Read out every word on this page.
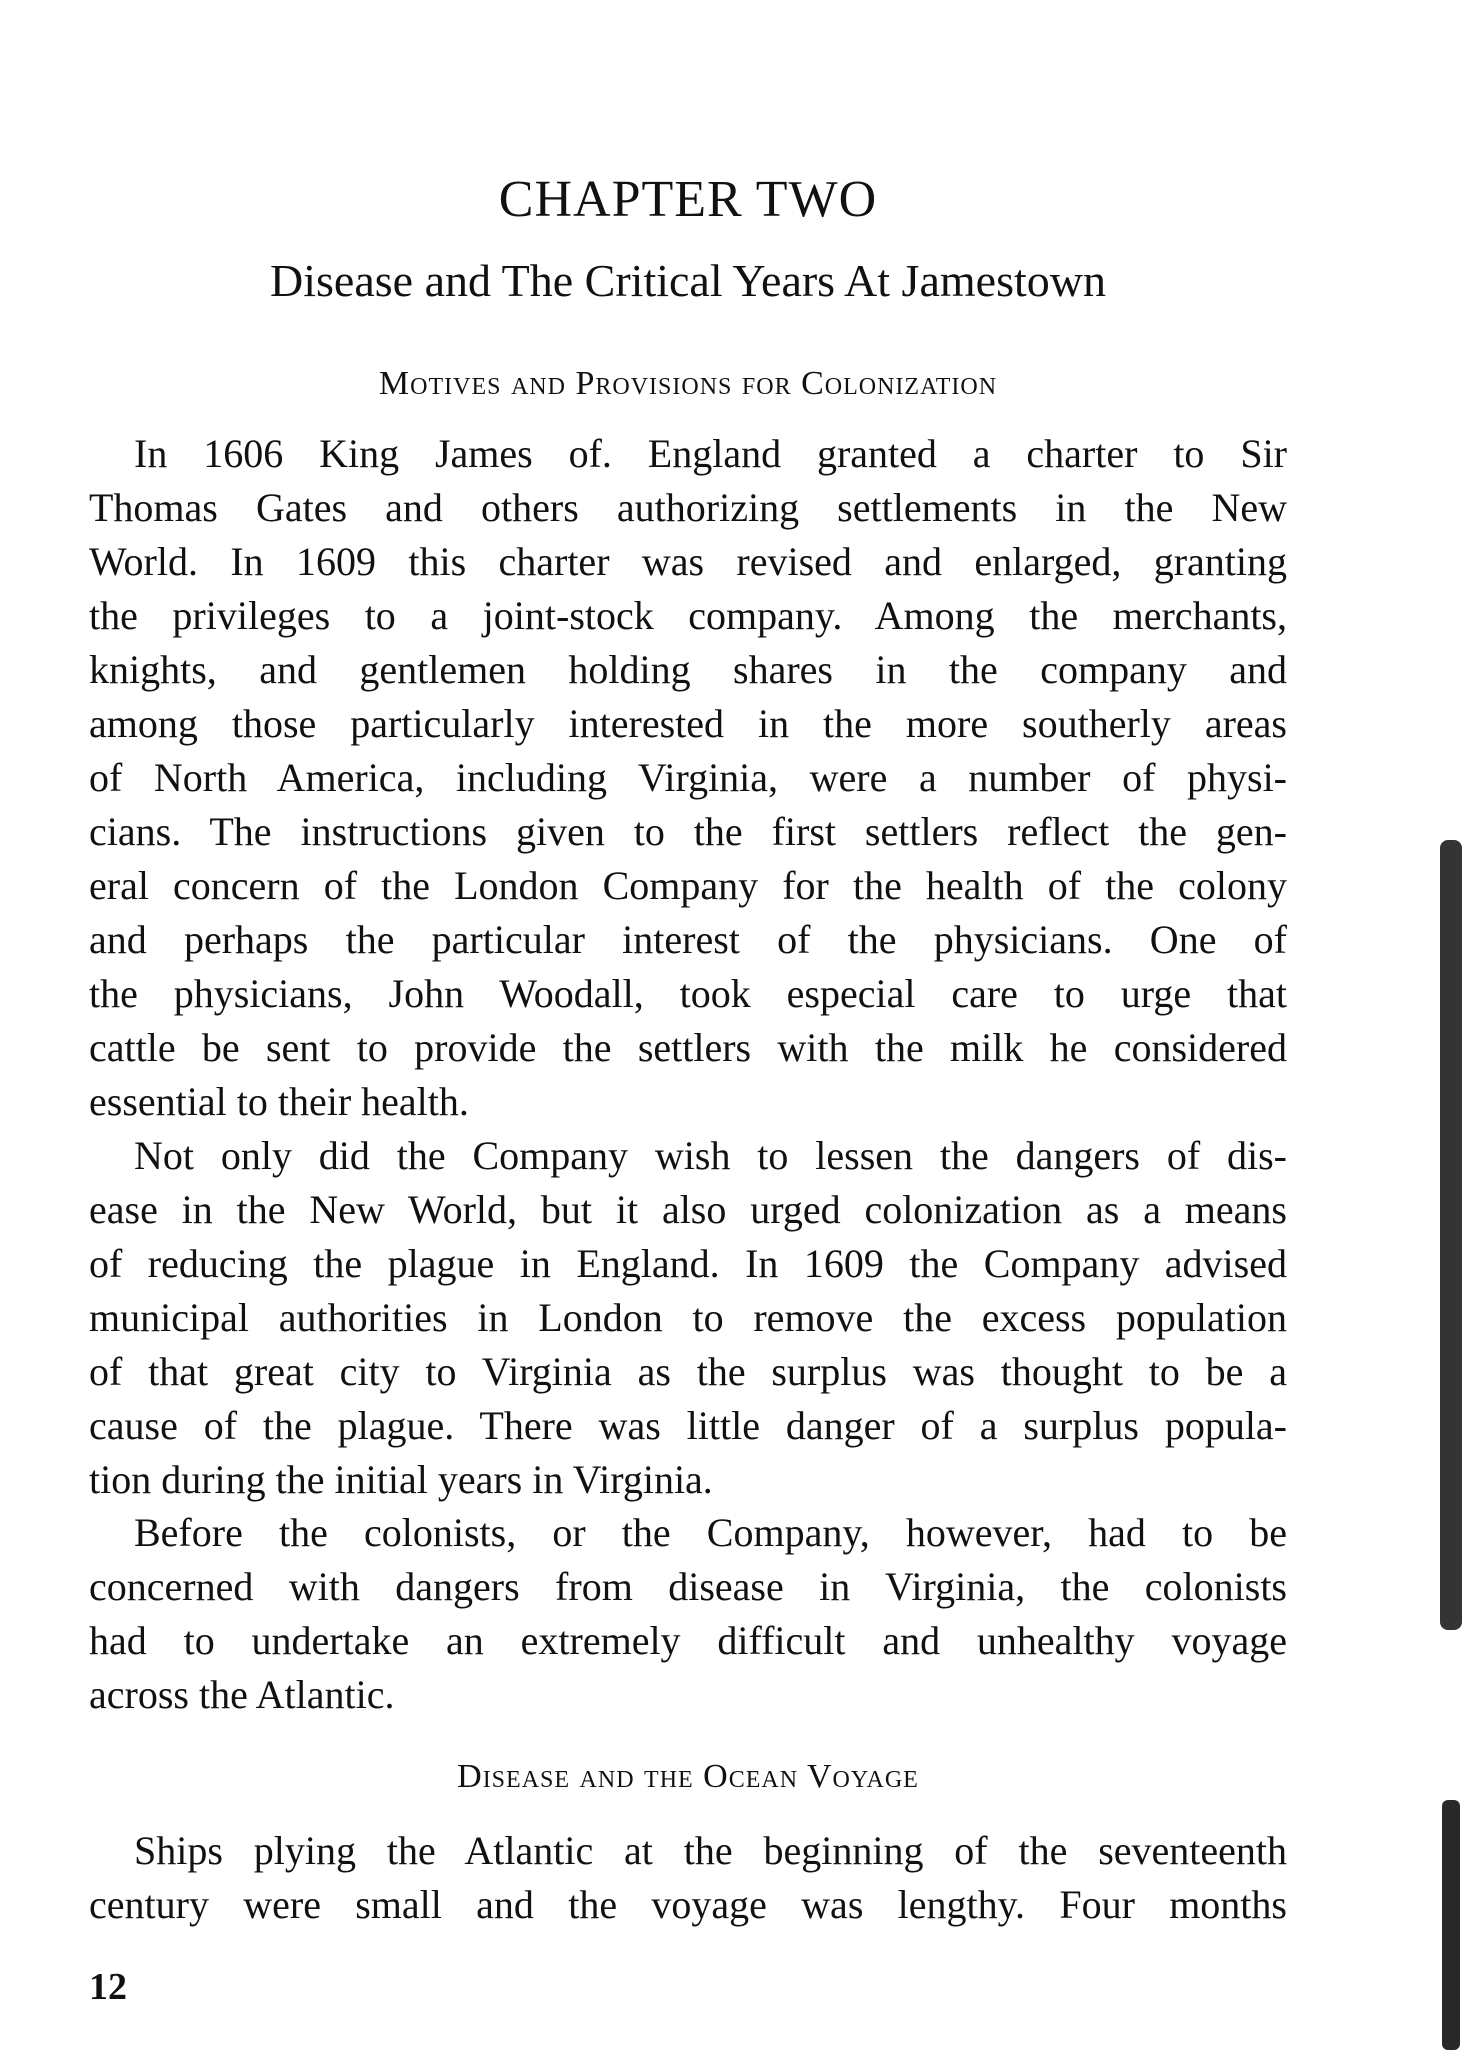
CHAPTER TWO
Disease and The Critical Years At Jamestown
Motives and Provisions for Colonization
Disease and the Ocean Voyage
In 1606 King James of. England granted a charter to Sir
Thomas Gates and others authorizing settlements in the New
World. In 1609 this charter was revised and enlarged, granting
the privileges to a joint-stock company. Among the merchants,
knights, and gentlemen holding shares in the company and
among those particularly interested in the more southerly areas
of North America, including Virginia, were a number of physi-
cians. The instructions given to the first settlers reflect the gen-
eral concern of the London Company for the health of the colony
and perhaps the particular interest of the physicians. One of
the physicians, John Woodall, took especial care to urge that
cattle be sent to provide the settlers with the milk he considered
essential to their health.
Not only did the Company wish to lessen the dangers of dis-
ease in the New World, but it also urged colonization as a means
of reducing the plague in England. In 1609 the Company advised
municipal authorities in London to remove the excess population
of that great city to Virginia as the surplus was thought to be a
cause of the plague. There was little danger of a surplus popula-
tion during the initial years in Virginia.
Before the colonists, or the Company, however, had to be
concerned with dangers from disease in Virginia, the colonists
had to undertake an extremely difficult and unhealthy voyage
across the Atlantic.
Ships plying the Atlantic at the beginning of the seventeenth
century were small and the voyage was lengthy. Four months
12
